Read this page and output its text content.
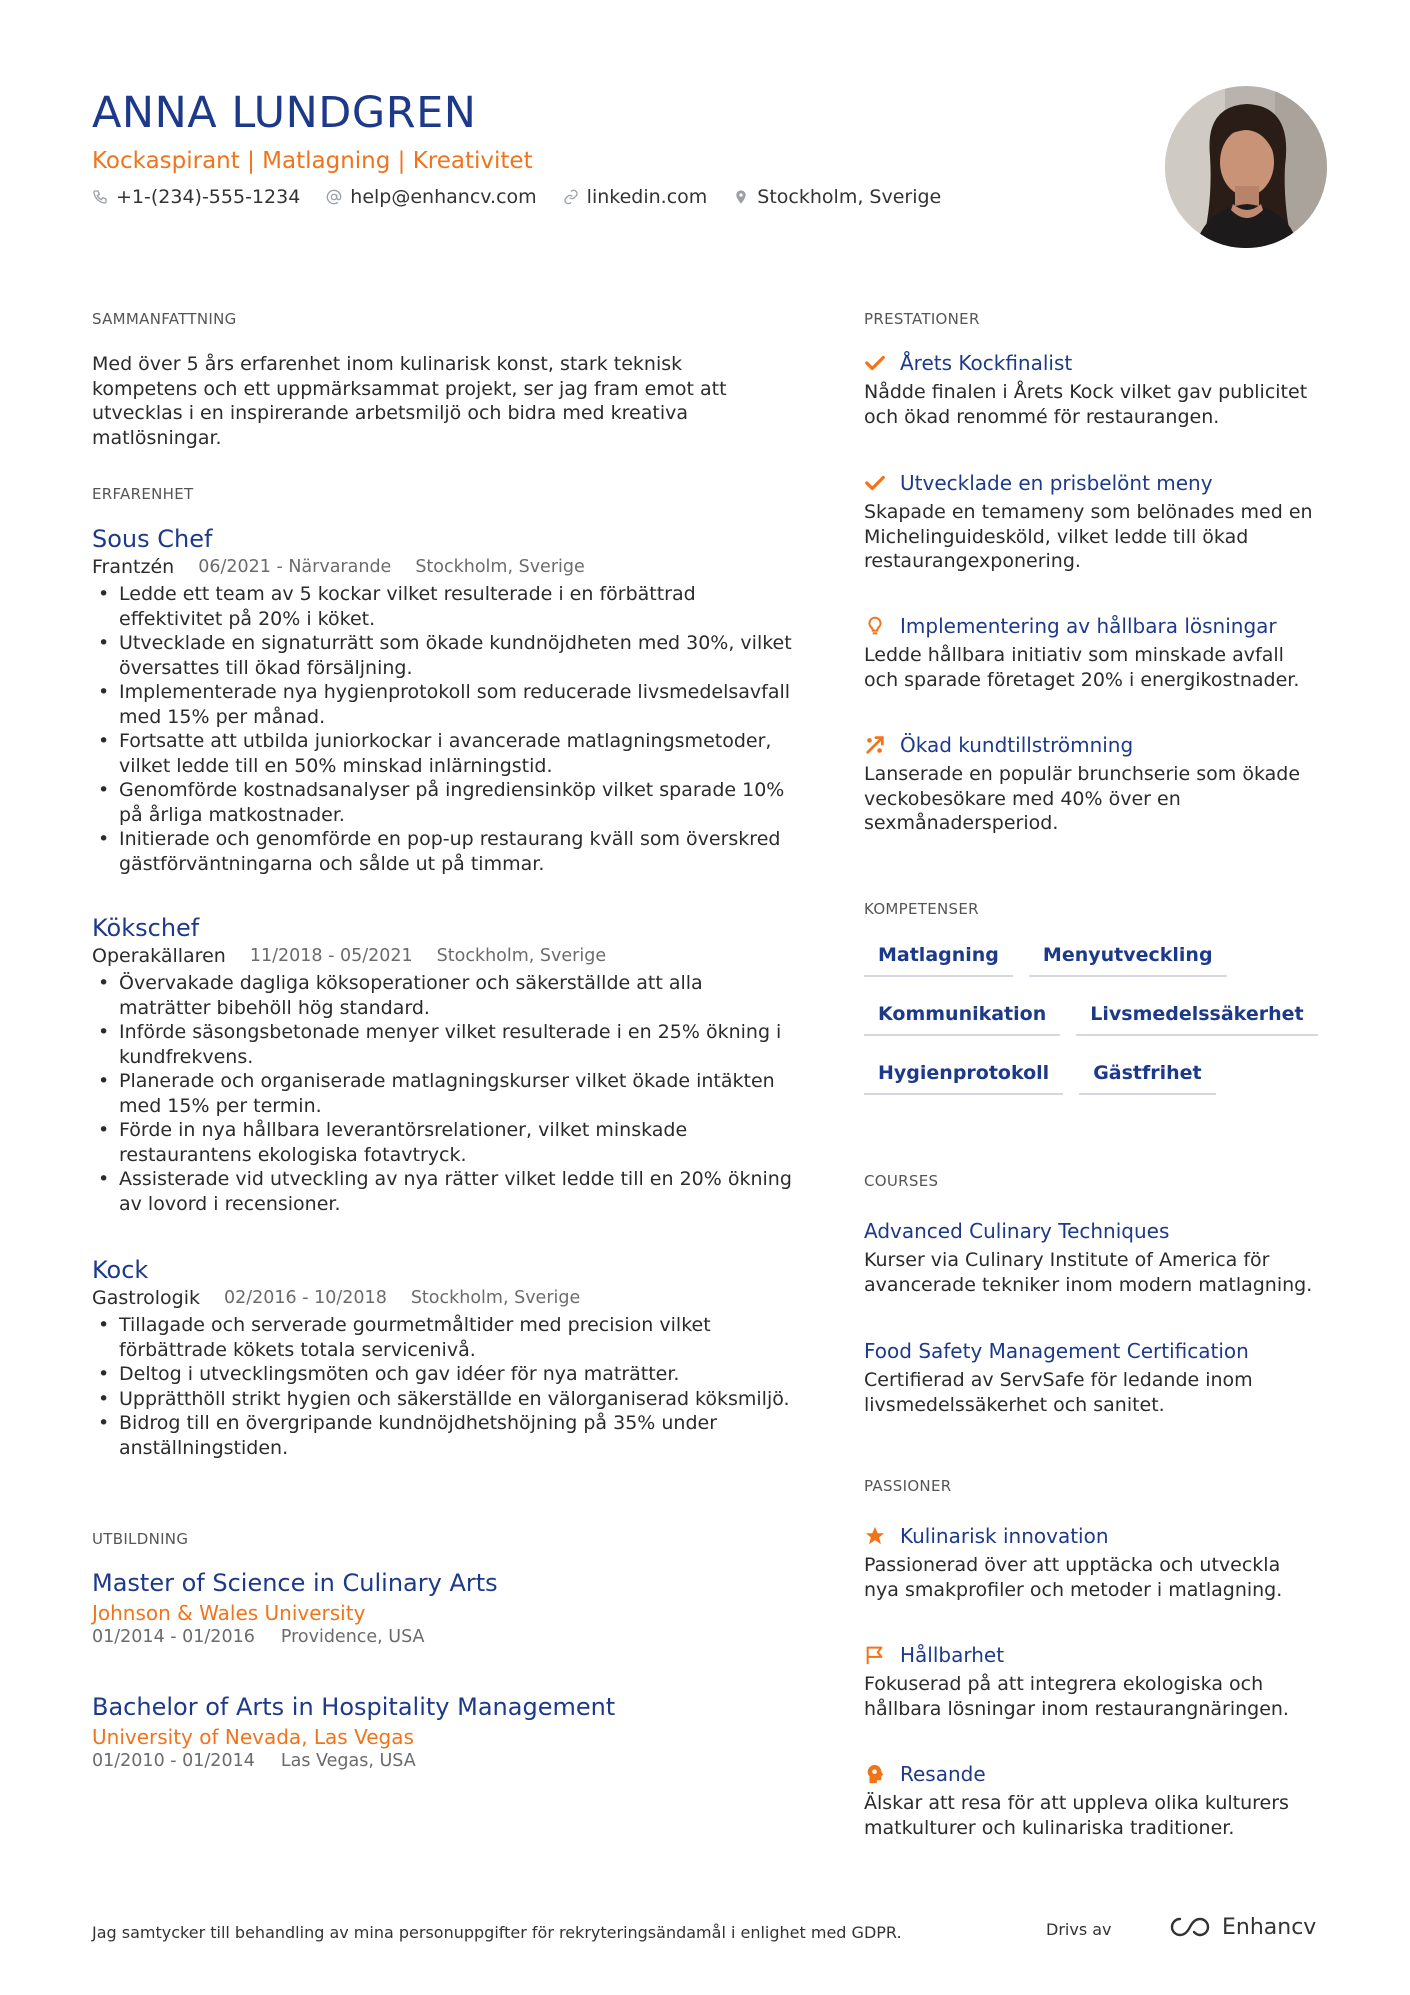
ANNA LUNDGREN
Kockaspirant | Matlagning | Kreativitet
+1-(234)-555-1234	help@enhancv.com	linkedin.com	Stockholm, Sverige
SAMMANFATTNING

Med över 5 års erfarenhet inom kulinarisk konst, stark teknisk kompetens och ett uppmärksammat projekt, ser jag fram emot att utvecklas i en inspirerande arbetsmiljö och bidra med kreativa matlösningar.

ERFARENHET
Sous Chef
Frantzén 06/2021 - Närvarande Stockholm, Sverige
• Ledde ett team av 5 kockar vilket resulterade i en förbättrad effektivitet på 20% i köket.
• Utvecklade en signaturrätt som ökade kundnöjdheten med 30%, vilket översattes till ökad försäljning.
• Implementerade nya hygienprotokoll som reducerade livsmedelsavfall med 15% per månad.
• Fortsatte att utbilda juniorkockar i avancerade matlagningsmetoder, vilket ledde till en 50% minskad inlärningstid.
• Genomförde kostnadsanalyser på ingrediensinköp vilket sparade 10% på årliga matkostnader.
• Initierade och genomförde en pop-up restaurang kväll som överskred gästförväntningarna och sålde ut på timmar.
Kökschef
Operakällaren 11/2018 - 05/2021 Stockholm, Sverige
• Övervakade dagliga köksoperationer och säkerställde att alla maträtter bibehöll hög standard.
• Införde säsongsbetonade menyer vilket resulterade i en 25% ökning i kundfrekvens.
• Planerade och organiserade matlagningskurser vilket ökade intäkten med 15% per termin.
• Förde in nya hållbara leverantörsrelationer, vilket minskade restaurantens ekologiska fotavtryck.
• Assisterade vid utveckling av nya rätter vilket ledde till en 20% ökning av lovord i recensioner.
Kock
Gastrologik 02/2016 - 10/2018 Stockholm, Sverige
• Tillagade och serverade gourmetmåltider med precision vilket förbättrade kökets totala servicenivå.
• Deltog i utvecklingsmöten och gav idéer för nya maträtter.
• Upprätthöll strikt hygien och säkerställde en välorganiserad köksmiljö.
• Bidrog till en övergripande kundnöjdhetshöjning på 35% under anställningstiden.
UTBILDNING
Master of Science in Culinary Arts
Johnson & Wales University
01/2014 - 01/2016 Providence, USA
Bachelor of Arts in Hospitality Management
University of Nevada, Las Vegas
01/2010 - 01/2014 Las Vegas, USA
PRESTATIONER
Årets Kockfinalist
Nådde finalen i Årets Kock vilket gav publicitet och ökad renommé för restaurangen.
Utvecklade en prisbelönt meny
Skapade en temameny som belönades med en Michelinguidesköld, vilket ledde till ökad restaurangexponering.
Implementering av hållbara lösningar
Ledde hållbara initiativ som minskade avfall och sparade företaget 20% i energikostnader.
Ökad kundtillströmning
Lanserade en populär brunchserie som ökade veckobesökare med 40% över en sexmånadersperiod.
KOMPETENSER
Matlagning	Menyutveckling
Kommunikation	Livsmedelssäkerhet
Hygienprotokoll	Gästfrihet
COURSES
Advanced Culinary Techniques
Kurser via Culinary Institute of America för avancerade tekniker inom modern matlagning.
Food Safety Management Certification
Certifierad av ServSafe för ledande inom livsmedelssäkerhet och sanitet.
PASSIONER
Kulinarisk innovation
Passionerad över att upptäcka och utveckla nya smakprofiler och metoder i matlagning.
Hållbarhet
Fokuserad på att integrera ekologiska och hållbara lösningar inom restaurangnäringen.
Resande
Älskar att resa för att uppleva olika kulturers matkulturer och kulinariska traditioner.
Jag samtycker till behandling av mina personuppgifter för rekryteringsändamål i enlighet med GDPR.	Drivs av	Enhancv
